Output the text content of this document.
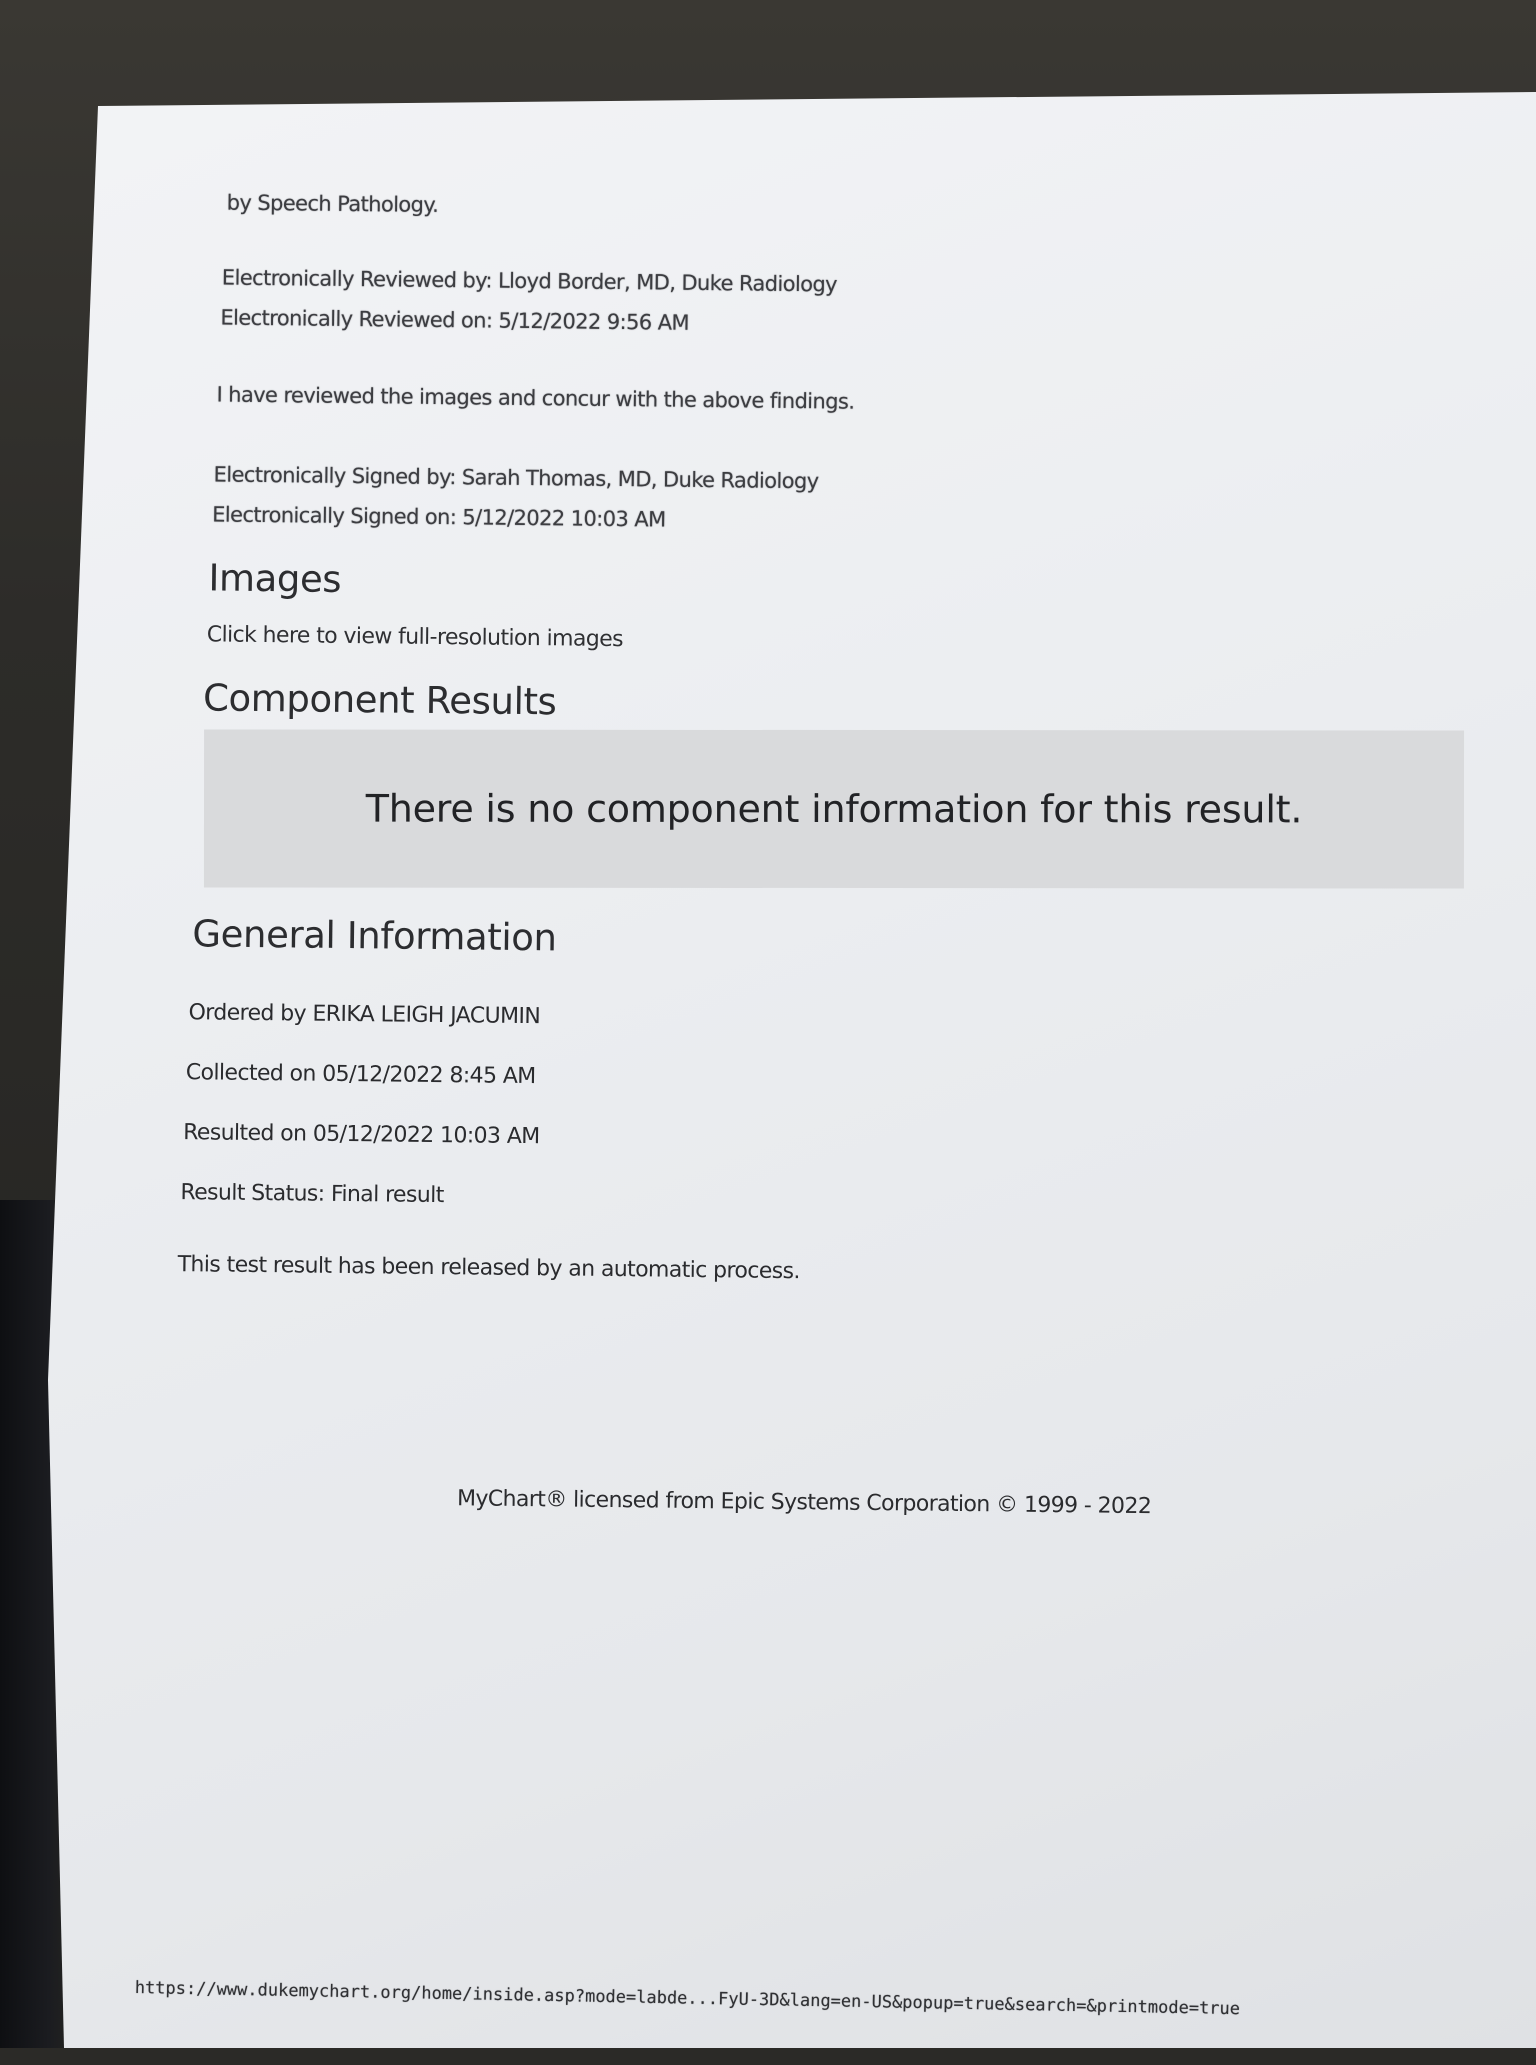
by Speech Pathology.
Electronically Reviewed by: Lloyd Border, MD, Duke Radiology
Electronically Reviewed on: 5/12/2022 9:56 AM
I have reviewed the images and concur with the above findings.
Electronically Signed by: Sarah Thomas, MD, Duke Radiology
Electronically Signed on: 5/12/2022 10:03 AM
Images
Click here to view full-resolution images
Component Results
General Information
Ordered by ERIKA LEIGH JACUMIN
Collected on 05/12/2022 8:45 AM
Resulted on 05/12/2022 10:03 AM
Result Status: Final result
This test result has been released by an automatic process.
MyChart® licensed from Epic Systems Corporation © 1999 - 2022
There is no component information for this result.
https://www.dukemychart.org/home/inside.asp?mode=labde...FyU-3D&lang=en-US&popup=true&search=&printmode=true
